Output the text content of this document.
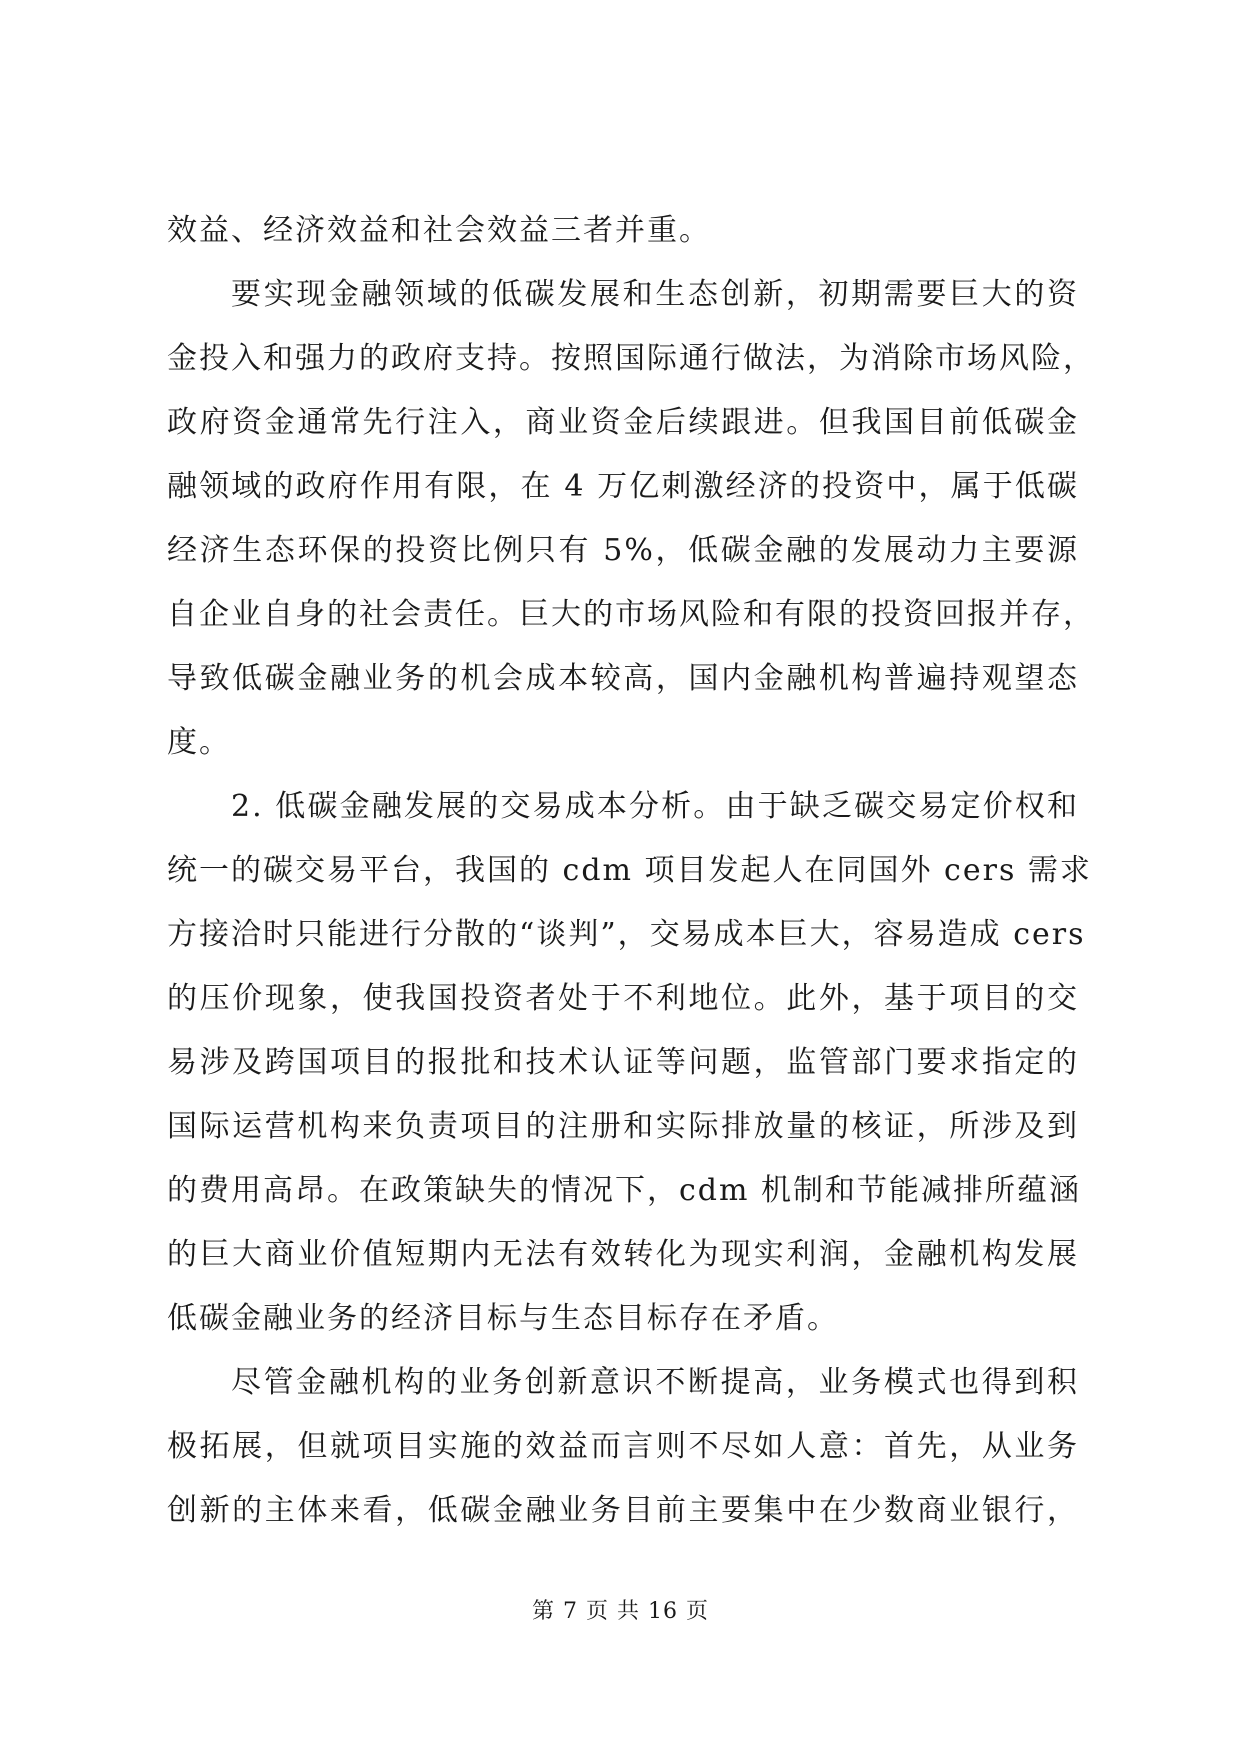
效益、经济效益和社会效益三者并重。
要实现金融领域的低碳发展和生态创新，初期需要巨大的资
金投入和强力的政府支持。按照国际通行做法，为消除市场风险，
政府资金通常先行注入，商业资金后续跟进。但我国目前低碳金
融领域的政府作用有限，在 4 万亿刺激经济的投资中，属于低碳
经济生态环保的投资比例只有 5%，低碳金融的发展动力主要源
自企业自身的社会责任。巨大的市场风险和有限的投资回报并存，
导致低碳金融业务的机会成本较高，国内金融机构普遍持观望态
度。
2. 低碳金融发展的交易成本分析。由于缺乏碳交易定价权和
统一的碳交易平台，我国的 cdm 项目发起人在同国外 cers 需求
方接洽时只能进行分散的“谈判”，交易成本巨大，容易造成 cers
的压价现象，使我国投资者处于不利地位。此外，基于项目的交
易涉及跨国项目的报批和技术认证等问题，监管部门要求指定的
国际运营机构来负责项目的注册和实际排放量的核证，所涉及到
的费用高昂。在政策缺失的情况下，cdm 机制和节能减排所蕴涵
的巨大商业价值短期内无法有效转化为现实利润，金融机构发展
低碳金融业务的经济目标与生态目标存在矛盾。
尽管金融机构的业务创新意识不断提高，业务模式也得到积
极拓展，但就项目实施的效益而言则不尽如人意：首先，从业务
创新的主体来看，低碳金融业务目前主要集中在少数商业银行，
第 7 页 共 16 页
